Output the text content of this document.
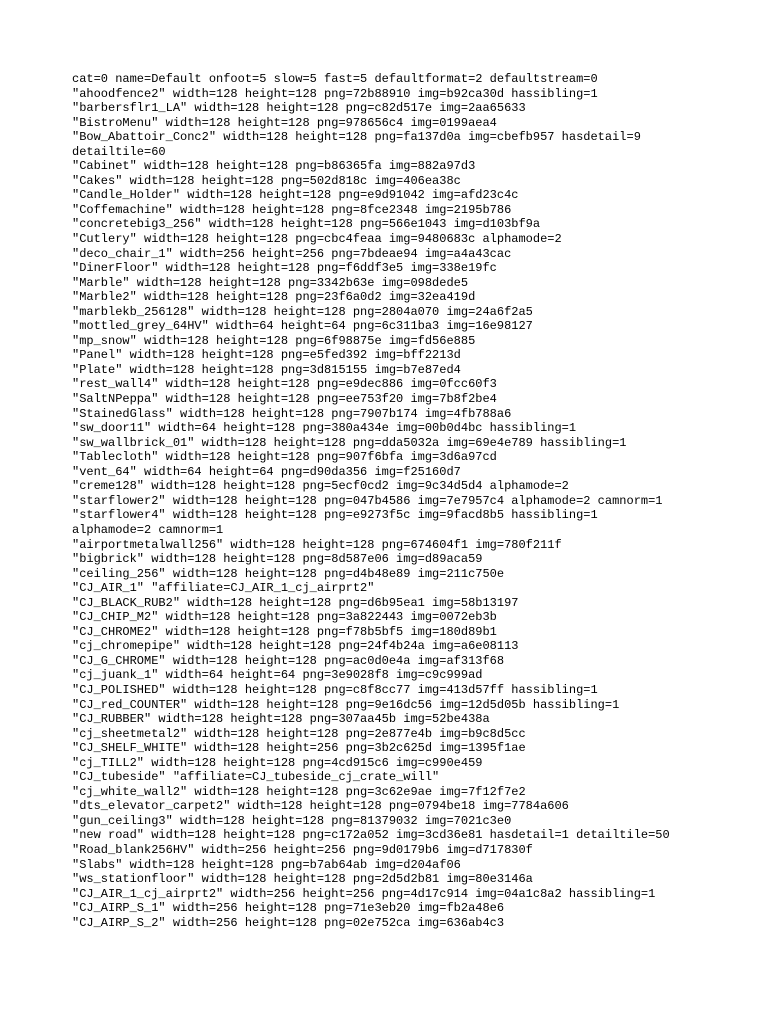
cat=0 name=Default onfoot=5 slow=5 fast=5 defaultformat=2 defaultstream=0
"ahoodfence2" width=128 height=128 png=72b88910 img=b92ca30d hassibling=1
"barbersflr1_LA" width=128 height=128 png=c82d517e img=2aa65633
"BistroMenu" width=128 height=128 png=978656c4 img=0199aea4
"Bow_Abattoir_Conc2" width=128 height=128 png=fa137d0a img=cbefb957 hasdetail=9
detailtile=60
"Cabinet" width=128 height=128 png=b86365fa img=882a97d3
"Cakes" width=128 height=128 png=502d818c img=406ea38c
"Candle_Holder" width=128 height=128 png=e9d91042 img=afd23c4c
"Coffemachine" width=128 height=128 png=8fce2348 img=2195b786
"concretebig3_256" width=128 height=128 png=566e1043 img=d103bf9a
"Cutlery" width=128 height=128 png=cbc4feaa img=9480683c alphamode=2
"deco_chair_1" width=256 height=256 png=7bdeae94 img=a4a43cac
"DinerFloor" width=128 height=128 png=f6ddf3e5 img=338e19fc
"Marble" width=128 height=128 png=3342b63e img=098dede5
"Marble2" width=128 height=128 png=23f6a0d2 img=32ea419d
"marblekb_256128" width=128 height=128 png=2804a070 img=24a6f2a5
"mottled_grey_64HV" width=64 height=64 png=6c311ba3 img=16e98127
"mp_snow" width=128 height=128 png=6f98875e img=fd56e885
"Panel" width=128 height=128 png=e5fed392 img=bff2213d
"Plate" width=128 height=128 png=3d815155 img=b7e87ed4
"rest_wall4" width=128 height=128 png=e9dec886 img=0fcc60f3
"SaltNPeppa" width=128 height=128 png=ee753f20 img=7b8f2be4
"StainedGlass" width=128 height=128 png=7907b174 img=4fb788a6
"sw_door11" width=64 height=128 png=380a434e img=00b0d4bc hassibling=1
"sw_wallbrick_01" width=128 height=128 png=dda5032a img=69e4e789 hassibling=1
"Tablecloth" width=128 height=128 png=907f6bfa img=3d6a97cd
"vent_64" width=64 height=64 png=d90da356 img=f25160d7
"creme128" width=128 height=128 png=5ecf0cd2 img=9c34d5d4 alphamode=2
"starflower2" width=128 height=128 png=047b4586 img=7e7957c4 alphamode=2 camnorm=1
"starflower4" width=128 height=128 png=e9273f5c img=9facd8b5 hassibling=1
alphamode=2 camnorm=1
"airportmetalwall256" width=128 height=128 png=674604f1 img=780f211f
"bigbrick" width=128 height=128 png=8d587e06 img=d89aca59
"ceiling_256" width=128 height=128 png=d4b48e89 img=211c750e
"CJ_AIR_1" "affiliate=CJ_AIR_1_cj_airprt2"
"CJ_BLACK_RUB2" width=128 height=128 png=d6b95ea1 img=58b13197
"CJ_CHIP_M2" width=128 height=128 png=3a822443 img=0072eb3b
"CJ_CHROME2" width=128 height=128 png=f78b5bf5 img=180d89b1
"cj_chromepipe" width=128 height=128 png=24f4b24a img=a6e08113
"CJ_G_CHROME" width=128 height=128 png=ac0d0e4a img=af313f68
"cj_juank_1" width=64 height=64 png=3e9028f8 img=c9c999ad
"CJ_POLISHED" width=128 height=128 png=c8f8cc77 img=413d57ff hassibling=1
"CJ_red_COUNTER" width=128 height=128 png=9e16dc56 img=12d5d05b hassibling=1
"CJ_RUBBER" width=128 height=128 png=307aa45b img=52be438a
"cj_sheetmetal2" width=128 height=128 png=2e877e4b img=b9c8d5cc
"CJ_SHELF_WHITE" width=128 height=256 png=3b2c625d img=1395f1ae
"cj_TILL2" width=128 height=128 png=4cd915c6 img=c990e459
"CJ_tubeside" "affiliate=CJ_tubeside_cj_crate_will"
"cj_white_wall2" width=128 height=128 png=3c62e9ae img=7f12f7e2
"dts_elevator_carpet2" width=128 height=128 png=0794be18 img=7784a606
"gun_ceiling3" width=128 height=128 png=81379032 img=7021c3e0
"new road" width=128 height=128 png=c172a052 img=3cd36e81 hasdetail=1 detailtile=50
"Road_blank256HV" width=256 height=256 png=9d0179b6 img=d717830f
"Slabs" width=128 height=128 png=b7ab64ab img=d204af06
"ws_stationfloor" width=128 height=128 png=2d5d2b81 img=80e3146a
"CJ_AIR_1_cj_airprt2" width=256 height=256 png=4d17c914 img=04a1c8a2 hassibling=1
"CJ_AIRP_S_1" width=256 height=128 png=71e3eb20 img=fb2a48e6
"CJ_AIRP_S_2" width=256 height=128 png=02e752ca img=636ab4c3
